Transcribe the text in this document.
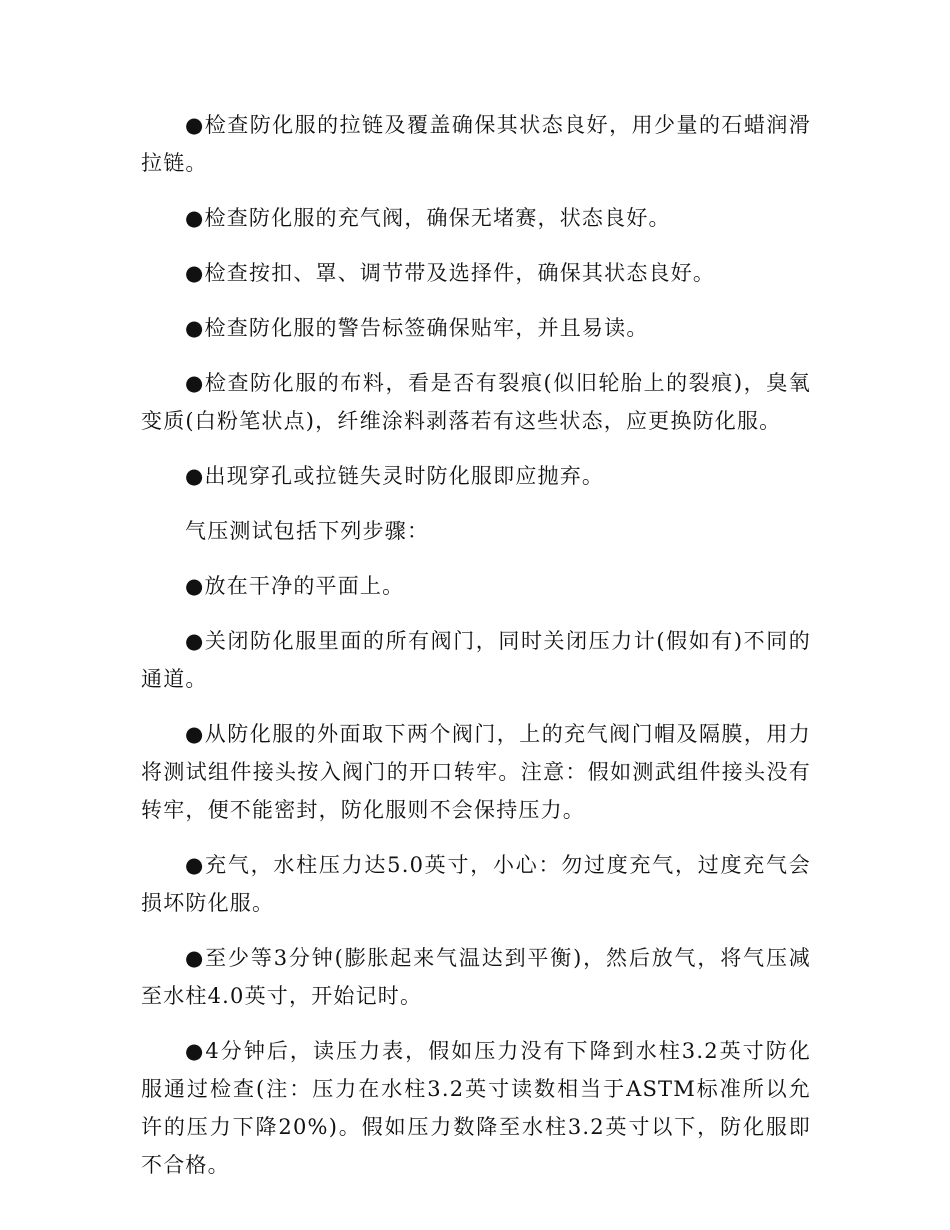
●检查防化服的拉链及覆盖确保其状态良好，用少量的石蜡润滑拉链。

●检查防化服的充气阀，确保无堵赛，状态良好。

●检查按扣、罩、调节带及选择件，确保其状态良好。

●检查防化服的警告标签确保贴牢，并且易读。

●检查防化服的布料，看是否有裂痕(似旧轮胎上的裂痕)，臭氧变质(白粉笔状点)，纤维涂料剥落若有这些状态，应更换防化服。

●出现穿孔或拉链失灵时防化服即应抛弃。

气压测试包括下列步骤：

●放在干净的平面上。

●关闭防化服里面的所有阀门，同时关闭压力计(假如有)不同的通道。

●从防化服的外面取下两个阀门，上的充气阀门帽及隔膜，用力将测试组件接头按入阀门的开口转牢。注意：假如测武组件接头没有转牢，便不能密封，防化服则不会保持压力。

●充气，水柱压力达5.0英寸，小心：勿过度充气，过度充气会损坏防化服。

●至少等3分钟(膨胀起来气温达到平衡)，然后放气，将气压减至水柱4.0英寸，开始记时。

●4分钟后，读压力表，假如压力没有下降到水柱3.2英寸防化服通过检查(注：压力在水柱3.2英寸读数相当于ASTM标准所以允许的压力下降20%)。假如压力数降至水柱3.2英寸以下，防化服即不合格。
